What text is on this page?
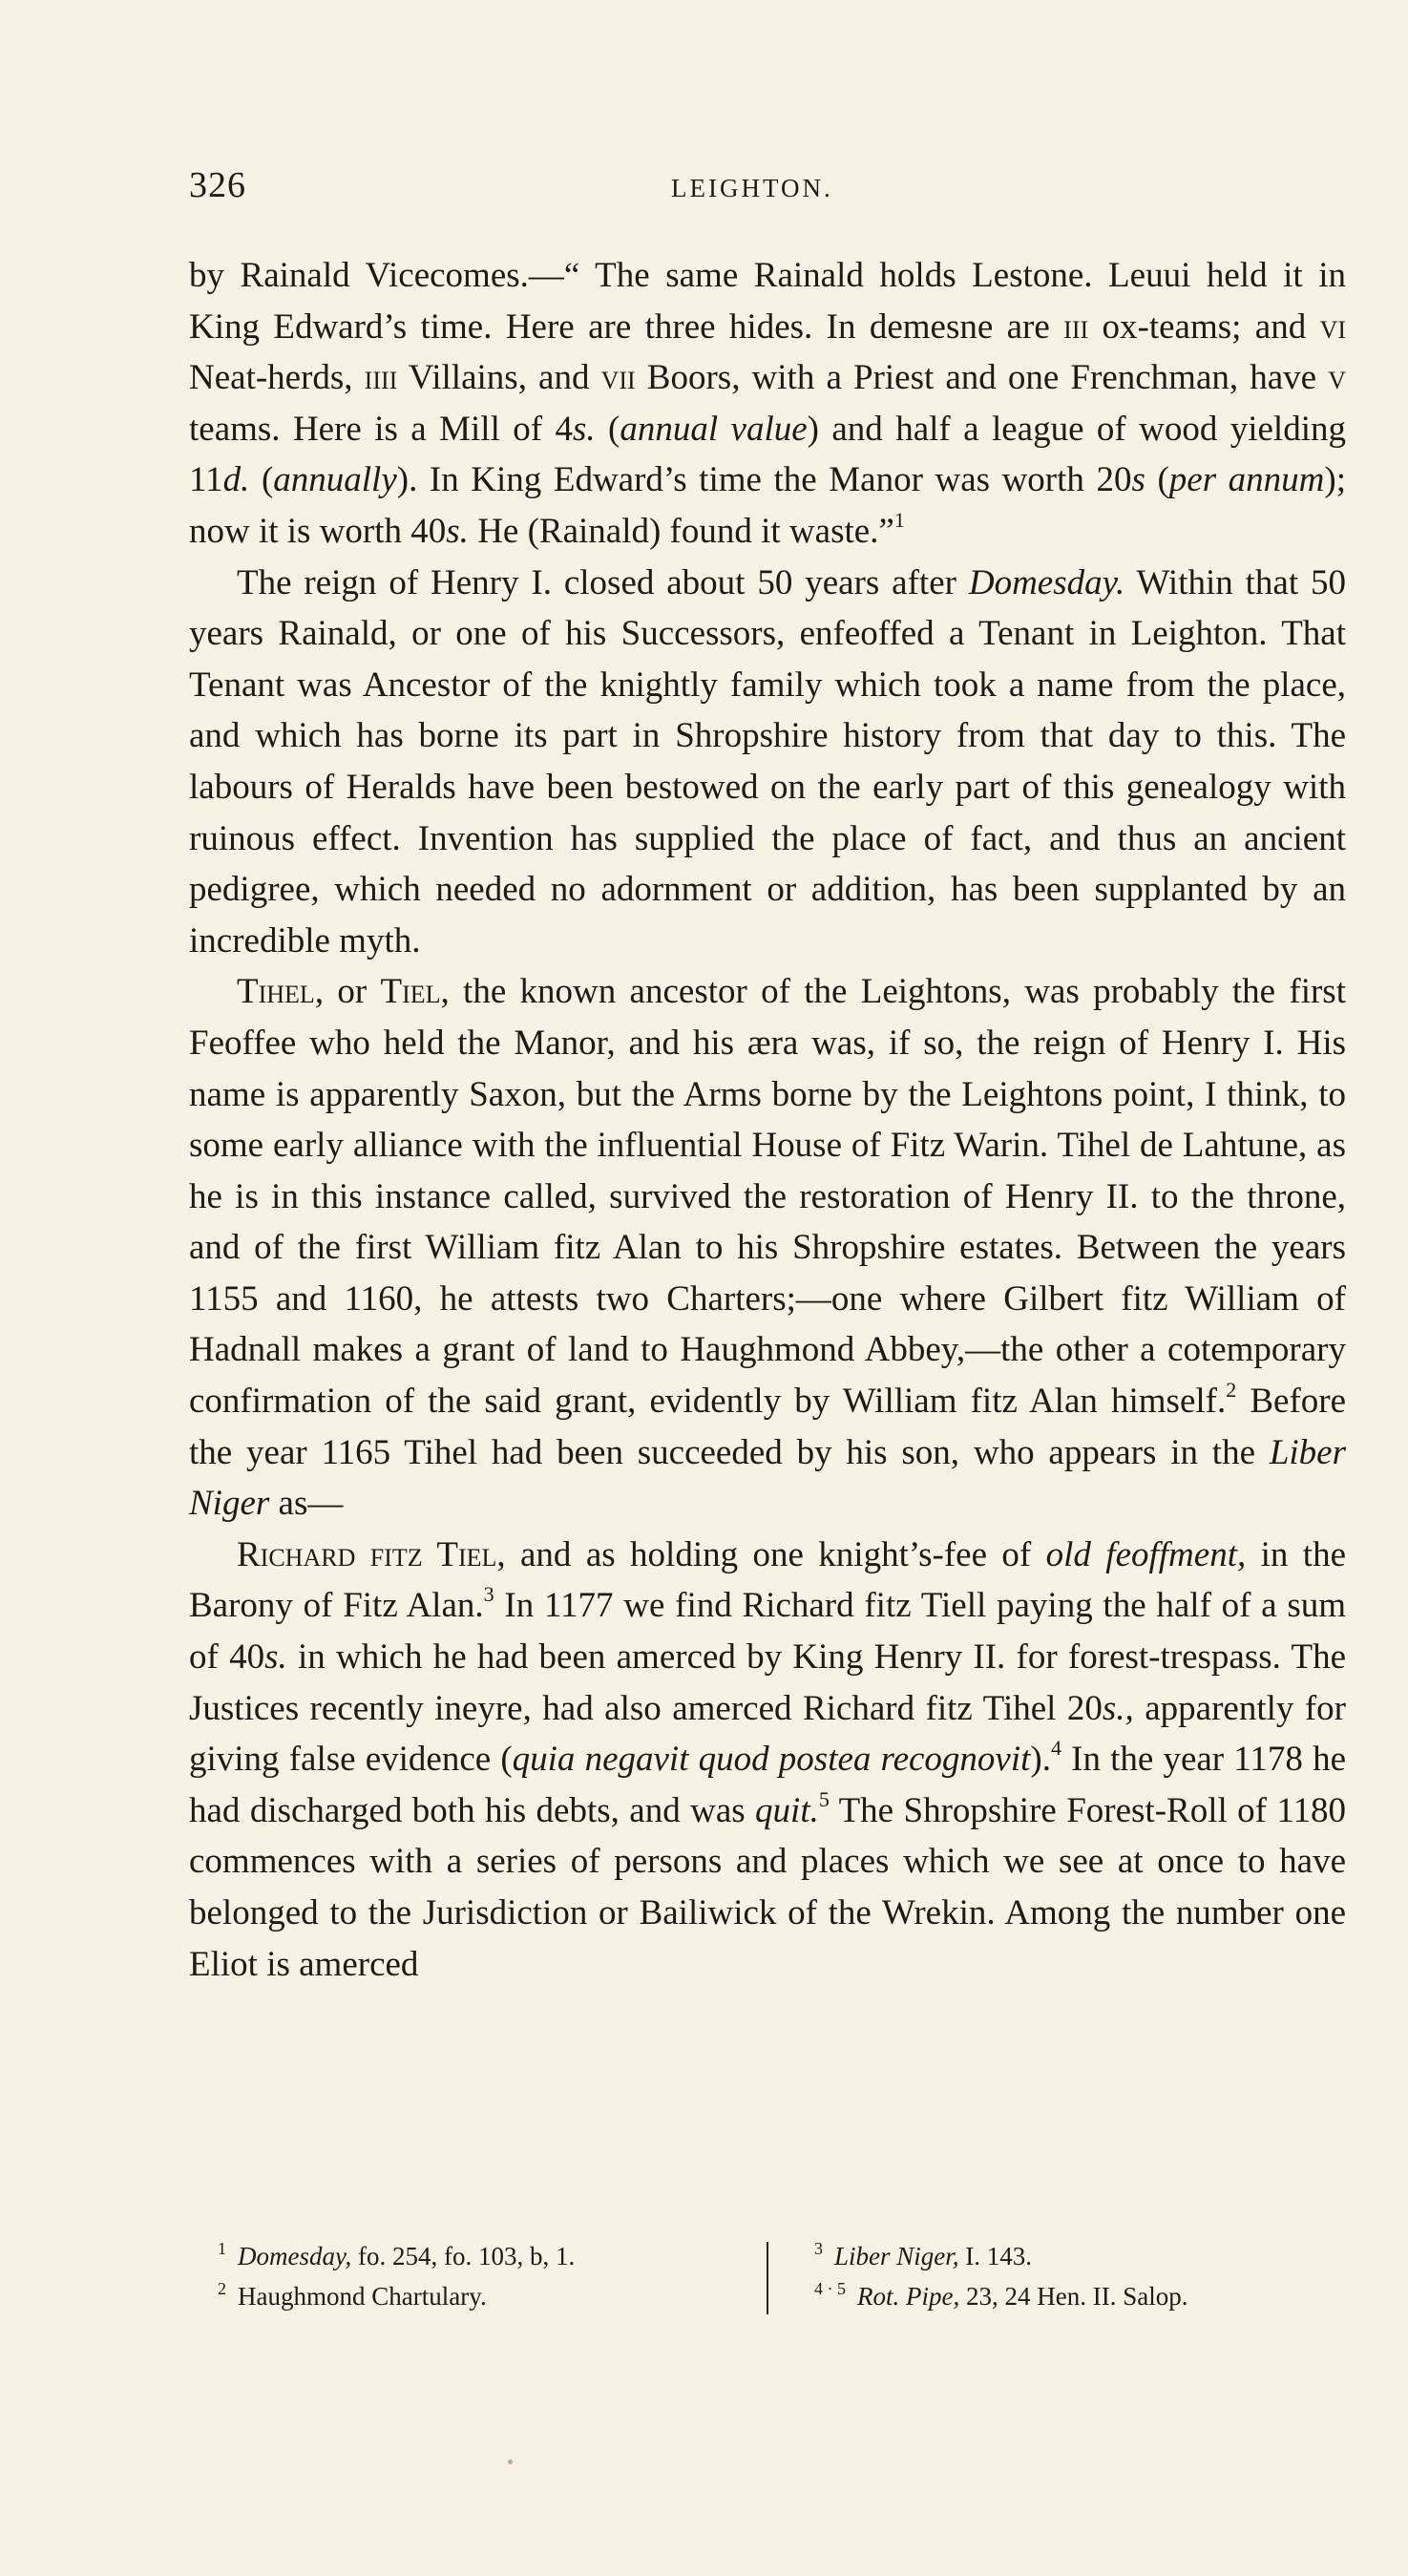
326	LEIGHTON.

by Rainald Vicecomes.—“ The same Rainald holds Lestone. Leuui held it in King Edward’s time. Here are three hides. In demesne are iii ox-teams; and vi Neat-herds, iiii Villains, and vii Boors, with a Priest and one Frenchman, have v teams. Here is a Mill of 4s. (annual value) and half a league of wood yielding 11d. (annually). In King Edward’s time the Manor was worth 20s (per annum); now it is worth 40s. He (Rainald) found it waste.”$^1$

The reign of Henry I. closed about 50 years after Domesday. Within that 50 years Rainald, or one of his Successors, enfeoffed a Tenant in Leighton. That Tenant was Ancestor of the knightly family which took a name from the place, and which has borne its part in Shropshire history from that day to this. The labours of Heralds have been bestowed on the early part of this genealogy with ruinous effect. Invention has supplied the place of fact, and thus an ancient pedigree, which needed no adornment or addition, has been supplanted by an incredible myth.

Tihel, or Tiel, the known ancestor of the Leightons, was probably the first Feoffee who held the Manor, and his æra was, if so, the reign of Henry I. His name is apparently Saxon, but the Arms borne by the Leightons point, I think, to some early alliance with the influential House of Fitz Warin. Tihel de Lahtune, as he is in this instance called, survived the restoration of Henry II. to the throne, and of the first William fitz Alan to his Shropshire estates. Between the years 1155 and 1160, he attests two Charters;—one where Gilbert fitz William of Hadnall makes a grant of land to Haughmond Abbey,—the other a cotemporary confirmation of the said grant, evidently by William fitz Alan himself.$^2$ Before the year 1165 Tihel had been succeeded by his son, who appears in the Liber Niger as—

Richard fitz Tiel, and as holding one knight’s-fee of old feoffment, in the Barony of Fitz Alan.$^3$ In 1177 we find Richard fitz Tiell paying the half of a sum of 40s. in which he had been amerced by King Henry II. for forest-trespass. The Justices recently ineyre, had also amerced Richard fitz Tihel 20s., apparently for giving false evidence (quia negavit quod postea recognovit).$^4$ In the year 1178 he had discharged both his debts, and was quit.$^5$ The Shropshire Forest-Roll of 1180 commences with a series of persons and places which we see at once to have belonged to the Jurisdiction or Bailiwick of the Wrekin. Among the number one Eliot is amerced

$^1$ Domesday, fo. 254, fo. 103, b, 1.
$^2$ Haughmond Chartulary.
$^3$ Liber Niger, I. 143.
$^{4 \cdot 5}$ Rot. Pipe, 23, 24 Hen. II. Salop.
